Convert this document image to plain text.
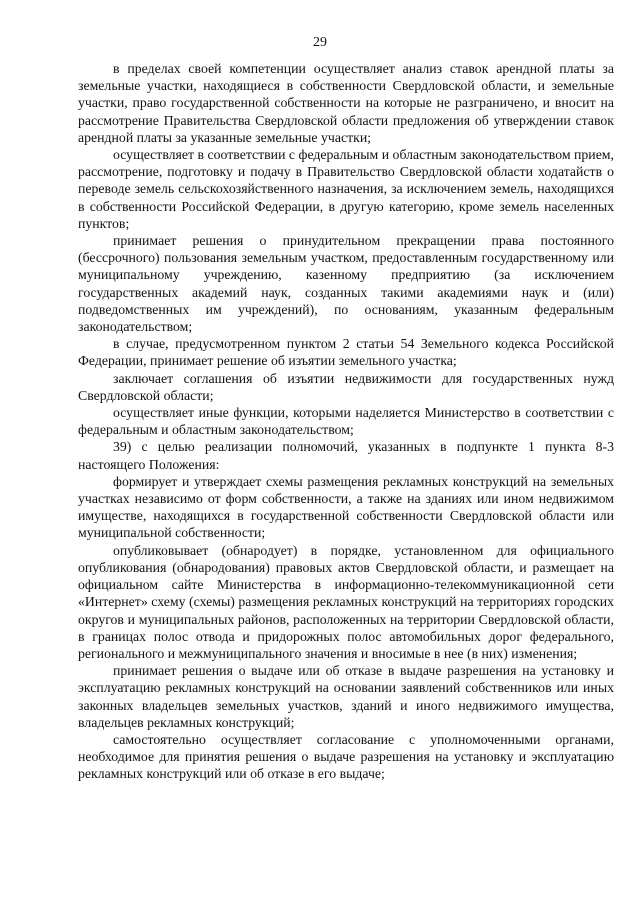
29

в пределах своей компетенции осуществляет анализ ставок арендной платы за земельные участки, находящиеся в собственности Свердловской области, и земельные участки, право государственной собственности на которые не разграничено, и вносит на рассмотрение Правительства Свердловской области предложения об утверждении ставок арендной платы за указанные земельные участки;

осуществляет в соответствии с федеральным и областным законодательством прием, рассмотрение, подготовку и подачу в Правительство Свердловской области ходатайств о переводе земель сельскохозяйственного назначения, за исключением земель, находящихся в собственности Российской Федерации, в другую категорию, кроме земель населенных пунктов;

принимает решения о принудительном прекращении права постоянного (бессрочного) пользования земельным участком, предоставленным государственному или муниципальному учреждению, казенному предприятию (за исключением государственных академий наук, созданных такими академиями наук и (или) подведомственных им учреждений), по основаниям, указанным федеральным законодательством;

в случае, предусмотренном пунктом 2 статьи 54 Земельного кодекса Российской Федерации, принимает решение об изъятии земельного участка;

заключает соглашения об изъятии недвижимости для государственных нужд Свердловской области;

осуществляет иные функции, которыми наделяется Министерство в соответствии с федеральным и областным законодательством;

39) с целью реализации полномочий, указанных в подпункте 1 пункта 8-3 настоящего Положения:

формирует и утверждает схемы размещения рекламных конструкций на земельных участках независимо от форм собственности, а также на зданиях или ином недвижимом имуществе, находящихся в государственной собственности Свердловской области или муниципальной собственности;

опубликовывает (обнародует) в порядке, установленном для официального опубликования (обнародования) правовых актов Свердловской области, и размещает на официальном сайте Министерства в информационно-телекоммуникационной сети «Интернет» схему (схемы) размещения рекламных конструкций на территориях городских округов и муниципальных районов, расположенных на территории Свердловской области, в границах полос отвода и придорожных полос автомобильных дорог федерального, регионального и межмуниципального значения и вносимые в нее (в них) изменения;

принимает решения о выдаче или об отказе в выдаче разрешения на установку и эксплуатацию рекламных конструкций на основании заявлений собственников или иных законных владельцев земельных участков, зданий и иного недвижимого имущества, владельцев рекламных конструкций;

самостоятельно осуществляет согласование с уполномоченными органами, необходимое для принятия решения о выдаче разрешения на установку и эксплуатацию рекламных конструкций или об отказе в его выдаче;
